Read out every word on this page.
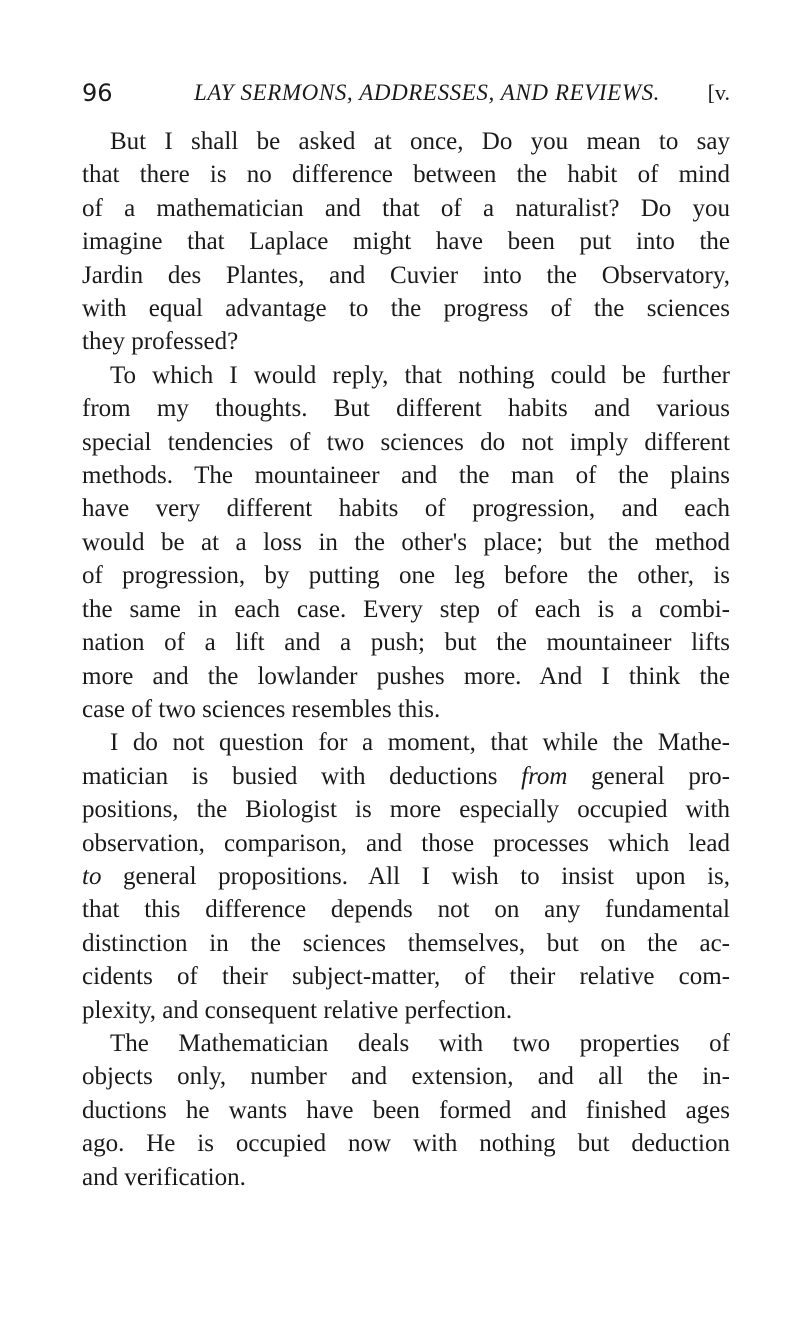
96	LAY SERMONS, ADDRESSES, AND REVIEWS. [v.
But I shall be asked at once, Do you mean to say
that there is no difference between the habit of mind
of a mathematician and that of a naturalist? Do you
imagine that Laplace might have been put into the
Jardin des Plantes, and Cuvier into the Observatory,
with equal advantage to the progress of the sciences
they professed?
To which I would reply, that nothing could be further
from my thoughts. But different habits and various
special tendencies of two sciences do not imply different
methods. The mountaineer and the man of the plains
have very different habits of progression, and each
would be at a loss in the other's place; but the method
of progression, by putting one leg before the other, is
the same in each case. Every step of each is a combi-
nation of a lift and a push; but the mountaineer lifts
more and the lowlander pushes more. And I think the
case of two sciences resembles this.
I do not question for a moment, that while the Mathe-
matician is busied with deductions from general pro-
positions, the Biologist is more especially occupied with
observation, comparison, and those processes which lead
to general propositions. All I wish to insist upon is,
that this difference depends not on any fundamental
distinction in the sciences themselves, but on the ac-
cidents of their subject-matter, of their relative com-
plexity, and consequent relative perfection.
The Mathematician deals with two properties of
objects only, number and extension, and all the in-
ductions he wants have been formed and finished ages
ago. He is occupied now with nothing but deduction
and verification.
